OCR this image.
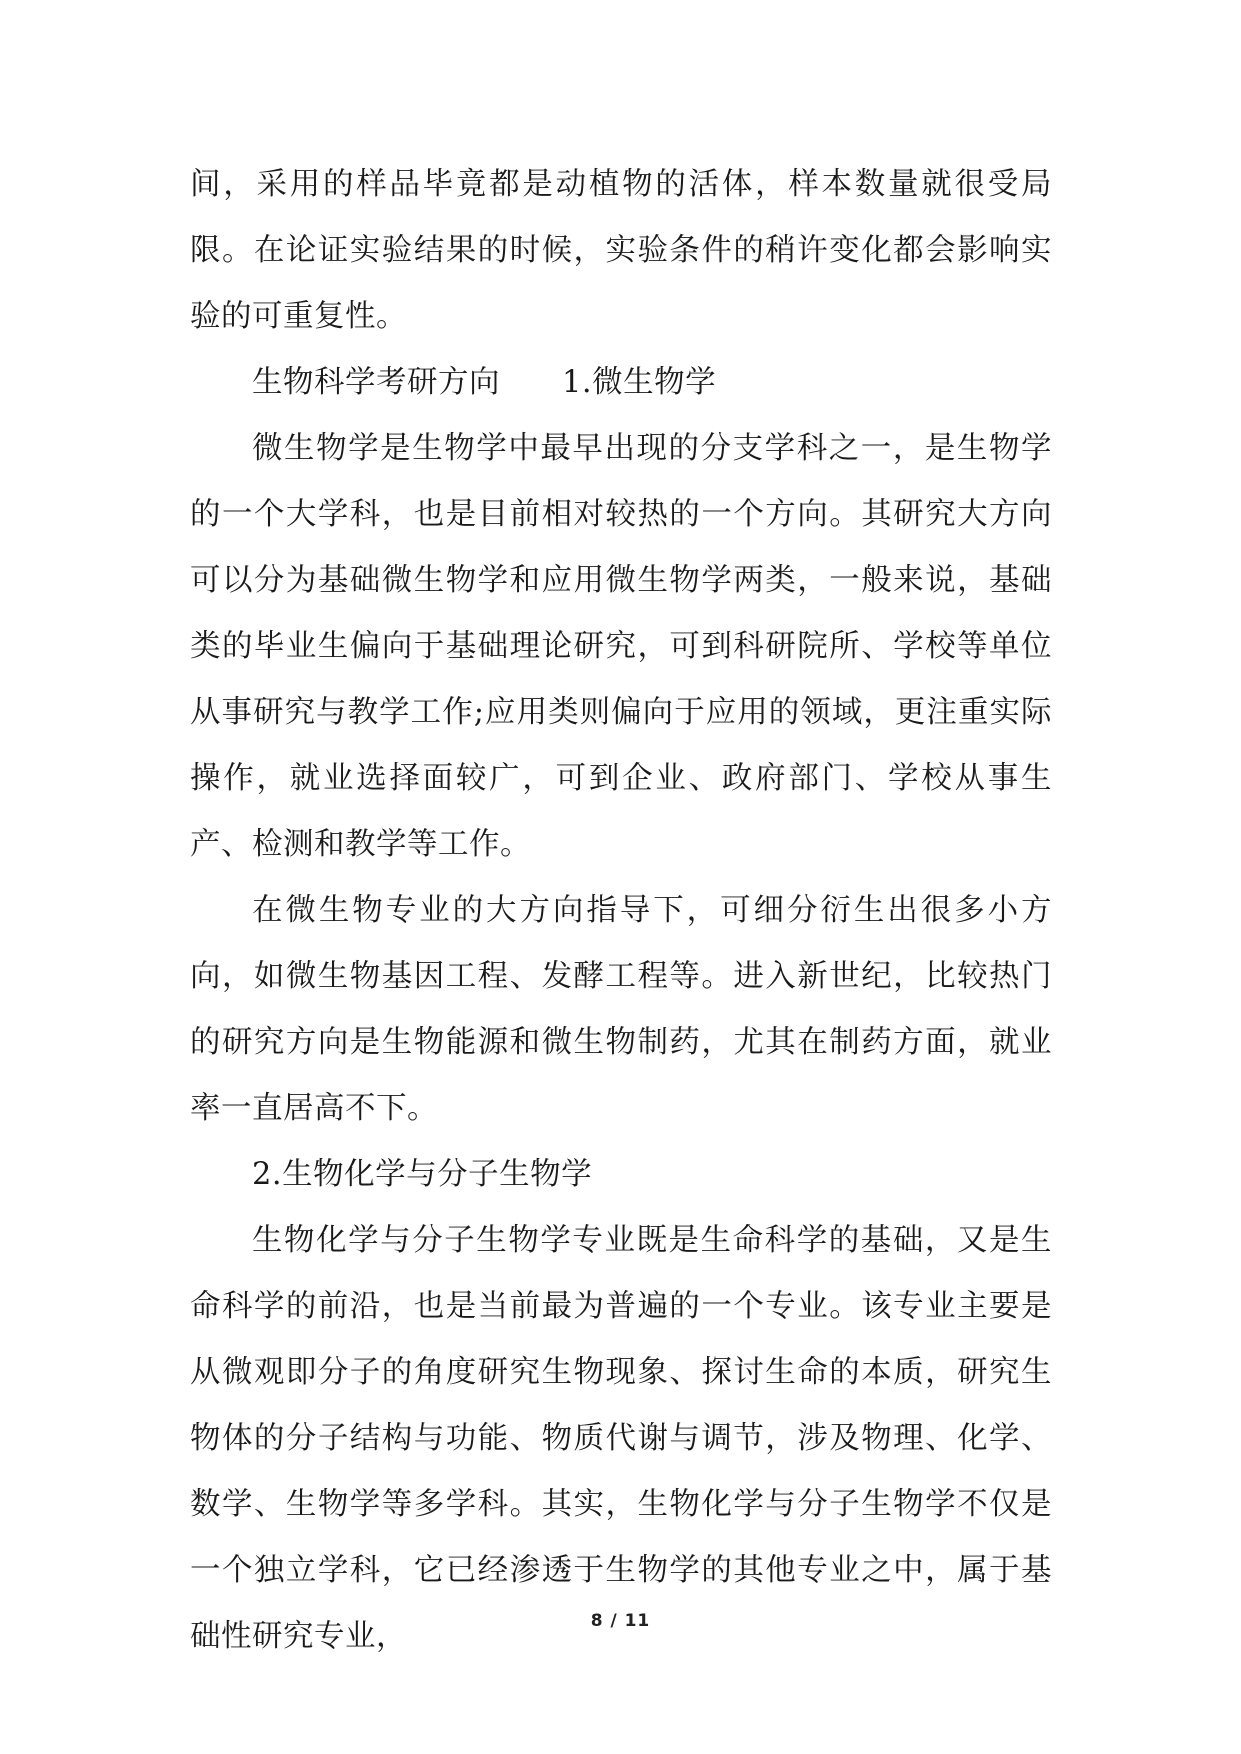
间，采用的样品毕竟都是动植物的活体，样本数量就很受局限。在论证实验结果的时候，实验条件的稍许变化都会影响实验的可重复性。

生物科学考研方向 1.微生物学

微生物学是生物学中最早出现的分支学科之一，是生物学的一个大学科，也是目前相对较热的一个方向。其研究大方向可以分为基础微生物学和应用微生物学两类，一般来说，基础类的毕业生偏向于基础理论研究，可到科研院所、学校等单位从事研究与教学工作;应用类则偏向于应用的领域，更注重实际操作，就业选择面较广，可到企业、政府部门、学校从事生产、检测和教学等工作。

在微生物专业的大方向指导下，可细分衍生出很多小方向，如微生物基因工程、发酵工程等。进入新世纪，比较热门的研究方向是生物能源和微生物制药，尤其在制药方面，就业率一直居高不下。

2.生物化学与分子生物学

生物化学与分子生物学专业既是生命科学的基础，又是生命科学的前沿，也是当前最为普遍的一个专业。该专业主要是从微观即分子的角度研究生物现象、探讨生命的本质，研究生物体的分子结构与功能、物质代谢与调节，涉及物理、化学、数学、生物学等多学科。其实，生物化学与分子生物学不仅是一个独立学科，它已经渗透于生物学的其他专业之中，属于基础性研究专业，	8 / 11
